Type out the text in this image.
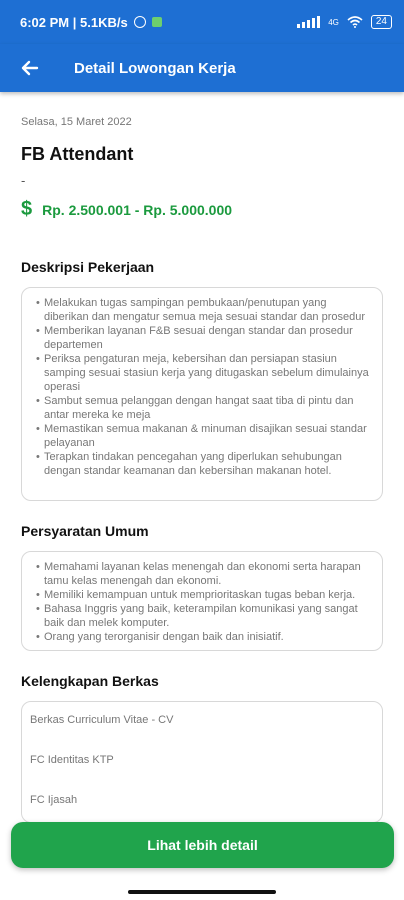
6:02 PM | 5.1KB/s	4G	24
Detail Lowongan Kerja
Selasa, 15 Maret 2022
FB Attendant
-
$ Rp. 2.500.001 - Rp. 5.000.000
Deskripsi Pekerjaan
• Melakukan tugas sampingan pembukaan/penutupan yang diberikan dan mengatur semua meja sesuai standar dan prosedur
• Memberikan layanan F&B sesuai dengan standar dan prosedur departemen
• Periksa pengaturan meja, kebersihan dan persiapan stasiun samping sesuai stasiun kerja yang ditugaskan sebelum dimulainya operasi
• Sambut semua pelanggan dengan hangat saat tiba di pintu dan antar mereka ke meja
• Memastikan semua makanan & minuman disajikan sesuai standar pelayanan
• Terapkan tindakan pencegahan yang diperlukan sehubungan dengan standar keamanan dan kebersihan makanan hotel.
Persyaratan Umum
• Memahami layanan kelas menengah dan ekonomi serta harapan tamu kelas menengah dan ekonomi.
• Memiliki kemampuan untuk memprioritaskan tugas beban kerja.
• Bahasa Inggris yang baik, keterampilan komunikasi yang sangat baik dan melek komputer.
• Orang yang terorganisir dengan baik dan inisiatif.
Kelengkapan Berkas
Berkas Curriculum Vitae - CV
FC Identitas KTP
FC Ijasah
Lihat lebih detail
